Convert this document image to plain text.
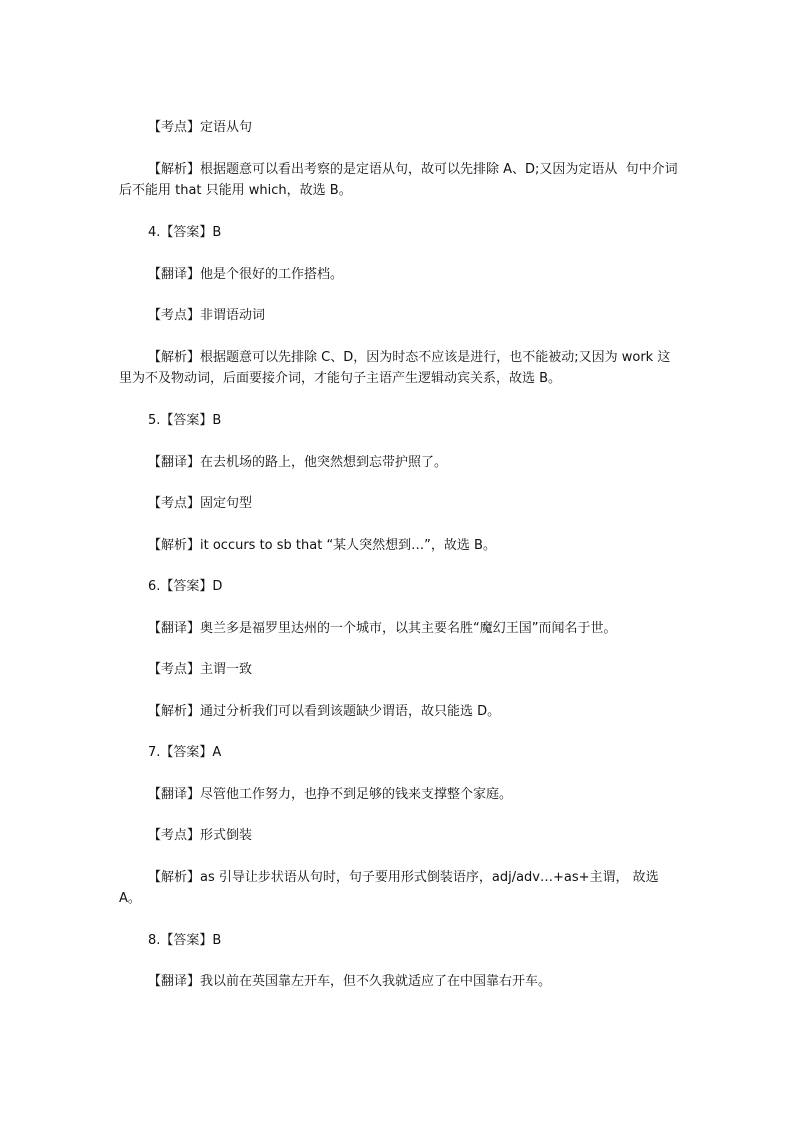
【考点】定语从句

【解析】根据题意可以看出考察的是定语从句，故可以先排除 A、D;又因为定语从  句中介词后不能用 that 只能用 which，故选 B。

4.【答案】B

【翻译】他是个很好的工作搭档。

【考点】非谓语动词

【解析】根据题意可以先排除 C、D，因为时态不应该是进行，也不能被动;又因为 work 这里为不及物动词，后面要接介词，才能句子主语产生逻辑动宾关系，故选 B。

5.【答案】B

【翻译】在去机场的路上，他突然想到忘带护照了。

【考点】固定句型

【解析】it occurs to sb that “某人突然想到…”，故选 B。

6.【答案】D

【翻译】奥兰多是福罗里达州的一个城市，以其主要名胜“魔幻王国”而闻名于世。

【考点】主谓一致

【解析】通过分析我们可以看到该题缺少谓语，故只能选 D。

7.【答案】A

【翻译】尽管他工作努力，也挣不到足够的钱来支撑整个家庭。

【考点】形式倒装

【解析】as 引导让步状语从句时，句子要用形式倒装语序，adj/adv…+as+主谓， 故选 A。

8.【答案】B

【翻译】我以前在英国靠左开车，但不久我就适应了在中国靠右开车。
